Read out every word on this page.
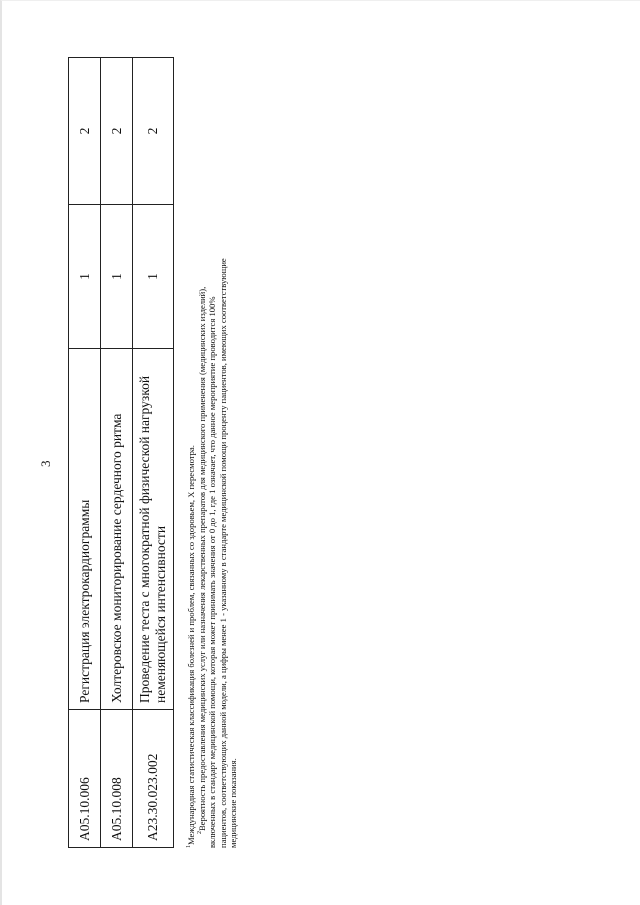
3
A05.10.006	Регистрация электрокардиограммы	1	2
A05.10.008	Холтеровское мониторирование сердечного ритма	1	2
A23.30.023.002	Проведение теста с многократной физической нагрузкой неменяющейся интенсивности	1	2

$^1$Международная статистическая классификация болезней и проблем, связанных со здоровьем, X пересмотра. $^2$Вероятность предоставления медицинских услуг или назначения лекарственных препаратов для медицинского применения (медицинских изделий), включенных в стандарт медицинской помощи, которая может принимать значения от 0 до 1, где 1 означает, что данное мероприятие проводится 100% пациентов, соответствующих данной модели, а цифры менее 1 - указанному в стандарте медицинской помощи проценту пациентов, имеющих соответствующие медицинские показания.
